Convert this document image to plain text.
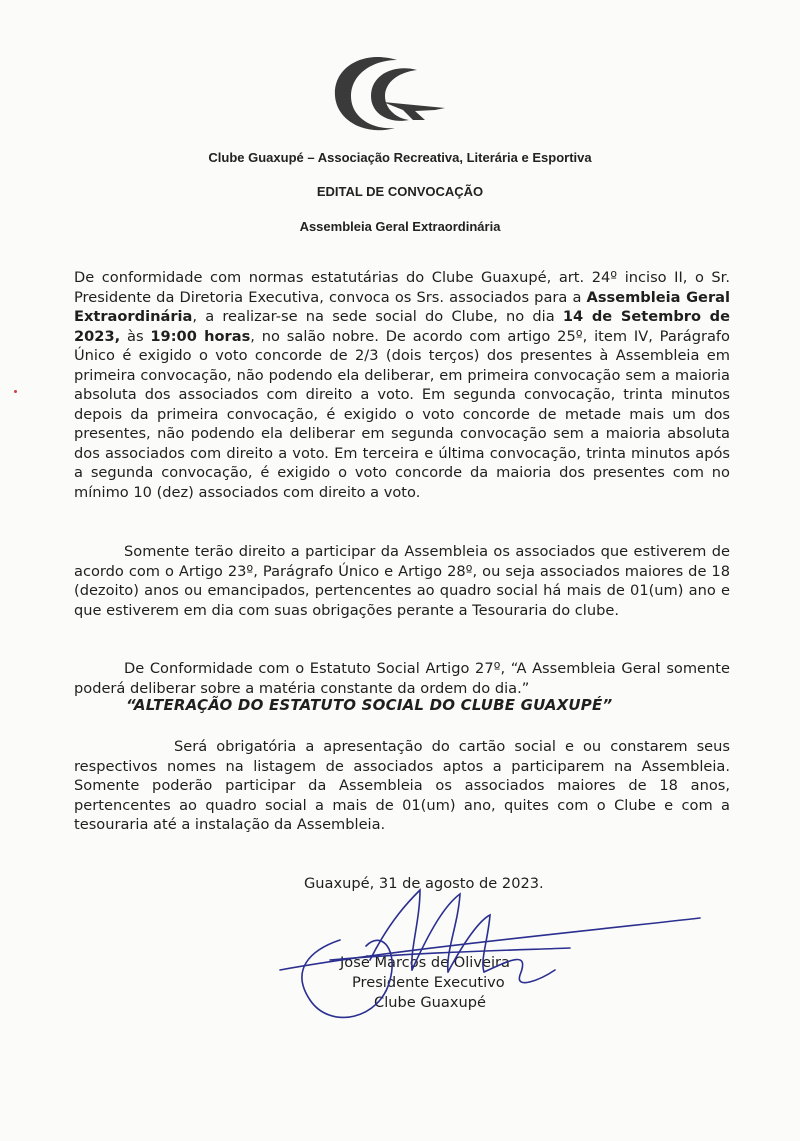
Clube Guaxupé – Associação Recreativa, Literária e Esportiva
EDITAL DE CONVOCAÇÃO
Assembleia Geral Extraordinária

De conformidade com normas estatutárias do Clube Guaxupé, art. 24º inciso II, o Sr. Presidente da Diretoria Executiva, convoca os Srs. associados para a Assembleia Geral Extraordinária, a realizar-se na sede social do Clube, no dia 14 de Setembro de 2023, às 19:00 horas, no salão nobre. De acordo com artigo 25º, item IV, Parágrafo Único é exigido o voto concorde de 2/3 (dois terços) dos presentes à Assembleia em primeira convocação, não podendo ela deliberar, em primeira convocação sem a maioria absoluta dos associados com direito a voto. Em segunda convocação, trinta minutos depois da primeira convocação, é exigido o voto concorde de metade mais um dos presentes, não podendo ela deliberar em segunda convocação sem a maioria absoluta dos associados com direito a voto. Em terceira e última convocação, trinta minutos após a segunda convocação, é exigido o voto concorde da maioria dos presentes com no mínimo 10 (dez) associados com direito a voto.

Somente terão direito a participar da Assembleia os associados que estiverem de acordo com o Artigo 23º, Parágrafo Único e Artigo 28º, ou seja associados maiores de 18 (dezoito) anos ou emancipados, pertencentes ao quadro social há mais de 01(um) ano e que estiverem em dia com suas obrigações perante a Tesouraria do clube.

De Conformidade com o Estatuto Social Artigo 27º, “A Assembleia Geral somente poderá deliberar sobre a matéria constante da ordem do dia.”

“ALTERAÇÃO DO ESTATUTO SOCIAL DO CLUBE GUAXUPÉ”

Será obrigatória a apresentação do cartão social e ou constarem seus respectivos nomes na listagem de associados aptos a participarem na Assembleia. Somente poderão participar da Assembleia os associados maiores de 18 anos, pertencentes ao quadro social a mais de 01(um) ano, quites com o Clube e com a tesouraria até a instalação da Assembleia.

Guaxupé, 31 de agosto de 2023.
José Marcos de Oliveira
Presidente Executivo
Clube Guaxupé
